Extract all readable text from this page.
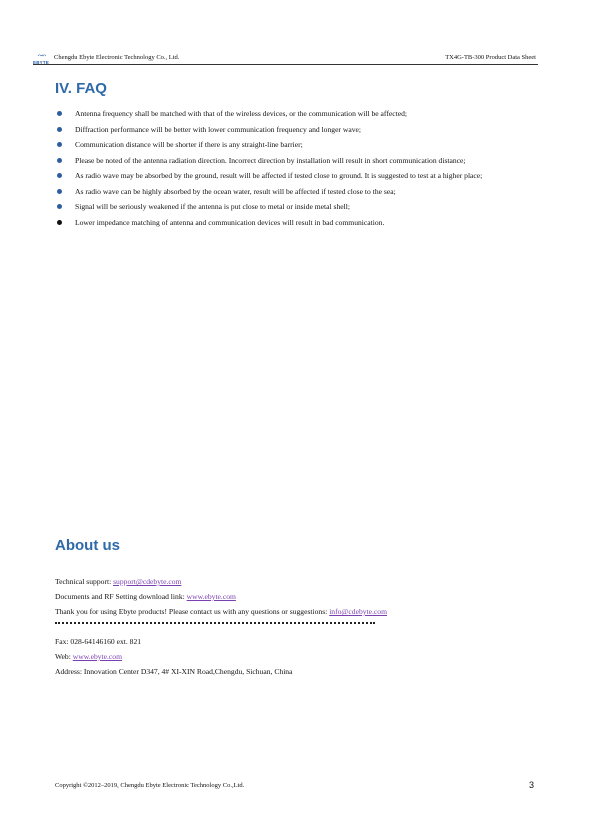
EBYTE
Chengdu Ebyte Electronic Technology Co., Ltd.	TX4G-TB-300 Product Data Sheet
IV. FAQ
Antenna frequency shall be matched with that of the wireless devices, or the communication will be affected;
Diffraction performance will be better with lower communication frequency and longer wave;
Communication distance will be shorter if there is any straight-line barrier;
Please be noted of the antenna radiation direction. Incorrect direction by installation will result in short communication distance;
As radio wave may be absorbed by the ground, result will be affected if tested close to ground. It is suggested to test at a higher place;
As radio wave can be highly absorbed by the ocean water, result will be affected if tested close to the sea;
Signal will be seriously weakened if the antenna is put close to metal or inside metal shell;
Lower impedance matching of antenna and communication devices will result in bad communication.
About us
Technical support: support@cdebyte.com
Documents and RF Setting download link: www.ebyte.com
Thank you for using Ebyte products! Please contact us with any questions or suggestions: info@cdebyte.com
Fax: 028-64146160 ext. 821
Web: www.ebyte.com
Address: Innovation Center D347, 4# XI-XIN Road,Chengdu, Sichuan, China
Copyright ©2012–2019, Chengdu Ebyte Electronic Technology Co.,Ltd.	3
